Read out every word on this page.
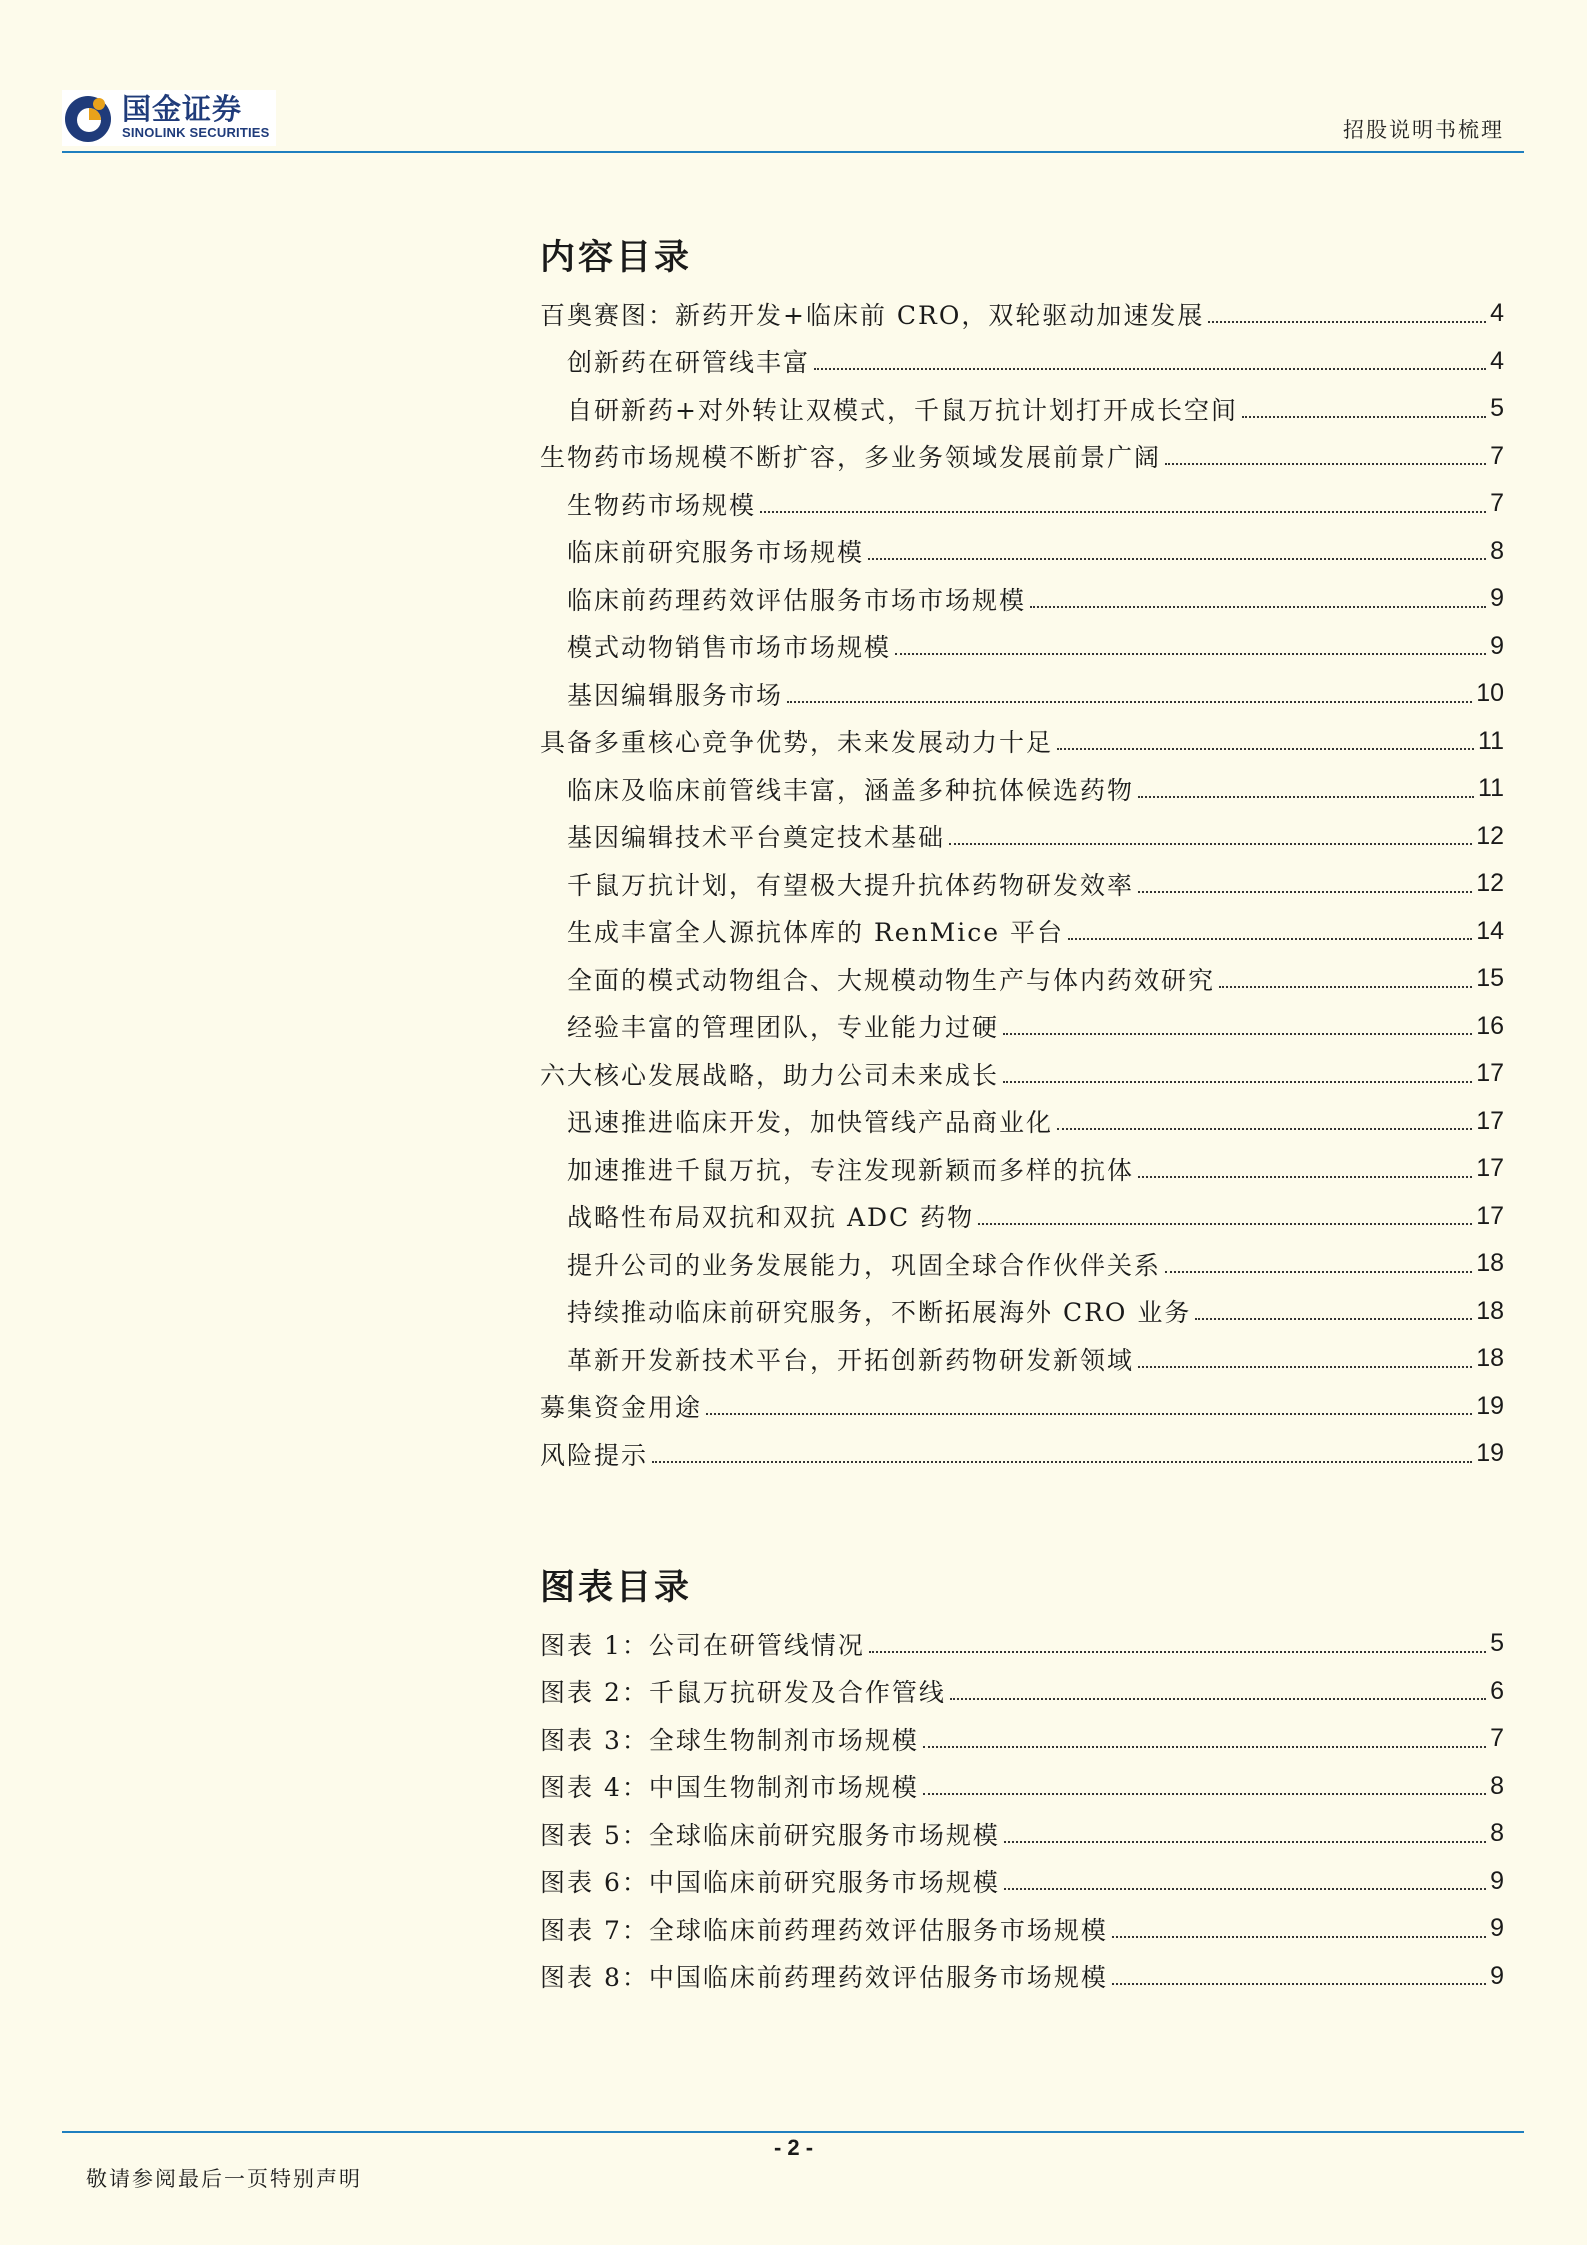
国金证券
SINOLINK SECURITIES	招股说明书梳理
内容目录
百奥赛图：新药开发+临床前 CRO，双轮驱动加速发展	4
创新药在研管线丰富	4
自研新药+对外转让双模式，千鼠万抗计划打开成长空间	5
生物药市场规模不断扩容，多业务领域发展前景广阔	7
生物药市场规模	7
临床前研究服务市场规模	8
临床前药理药效评估服务市场市场规模	9
模式动物销售市场市场规模	9
基因编辑服务市场	10
具备多重核心竞争优势，未来发展动力十足	11
临床及临床前管线丰富，涵盖多种抗体候选药物	11
基因编辑技术平台奠定技术基础	12
千鼠万抗计划，有望极大提升抗体药物研发效率	12
生成丰富全人源抗体库的 RenMice 平台	14
全面的模式动物组合、大规模动物生产与体内药效研究	15
经验丰富的管理团队，专业能力过硬	16
六大核心发展战略，助力公司未来成长	17
迅速推进临床开发，加快管线产品商业化	17
加速推进千鼠万抗，专注发现新颖而多样的抗体	17
战略性布局双抗和双抗 ADC 药物	17
提升公司的业务发展能力，巩固全球合作伙伴关系	18
持续推动临床前研究服务，不断拓展海外 CRO 业务	18
革新开发新技术平台，开拓创新药物研发新领域	18
募集资金用途	19
风险提示	19
图表目录
图表 1：公司在研管线情况	5
图表 2：千鼠万抗研发及合作管线	6
图表 3：全球生物制剂市场规模	7
图表 4：中国生物制剂市场规模	8
图表 5：全球临床前研究服务市场规模	8
图表 6：中国临床前研究服务市场规模	9
图表 7：全球临床前药理药效评估服务市场规模	9
图表 8：中国临床前药理药效评估服务市场规模	9
- 2 -
敬请参阅最后一页特别声明
